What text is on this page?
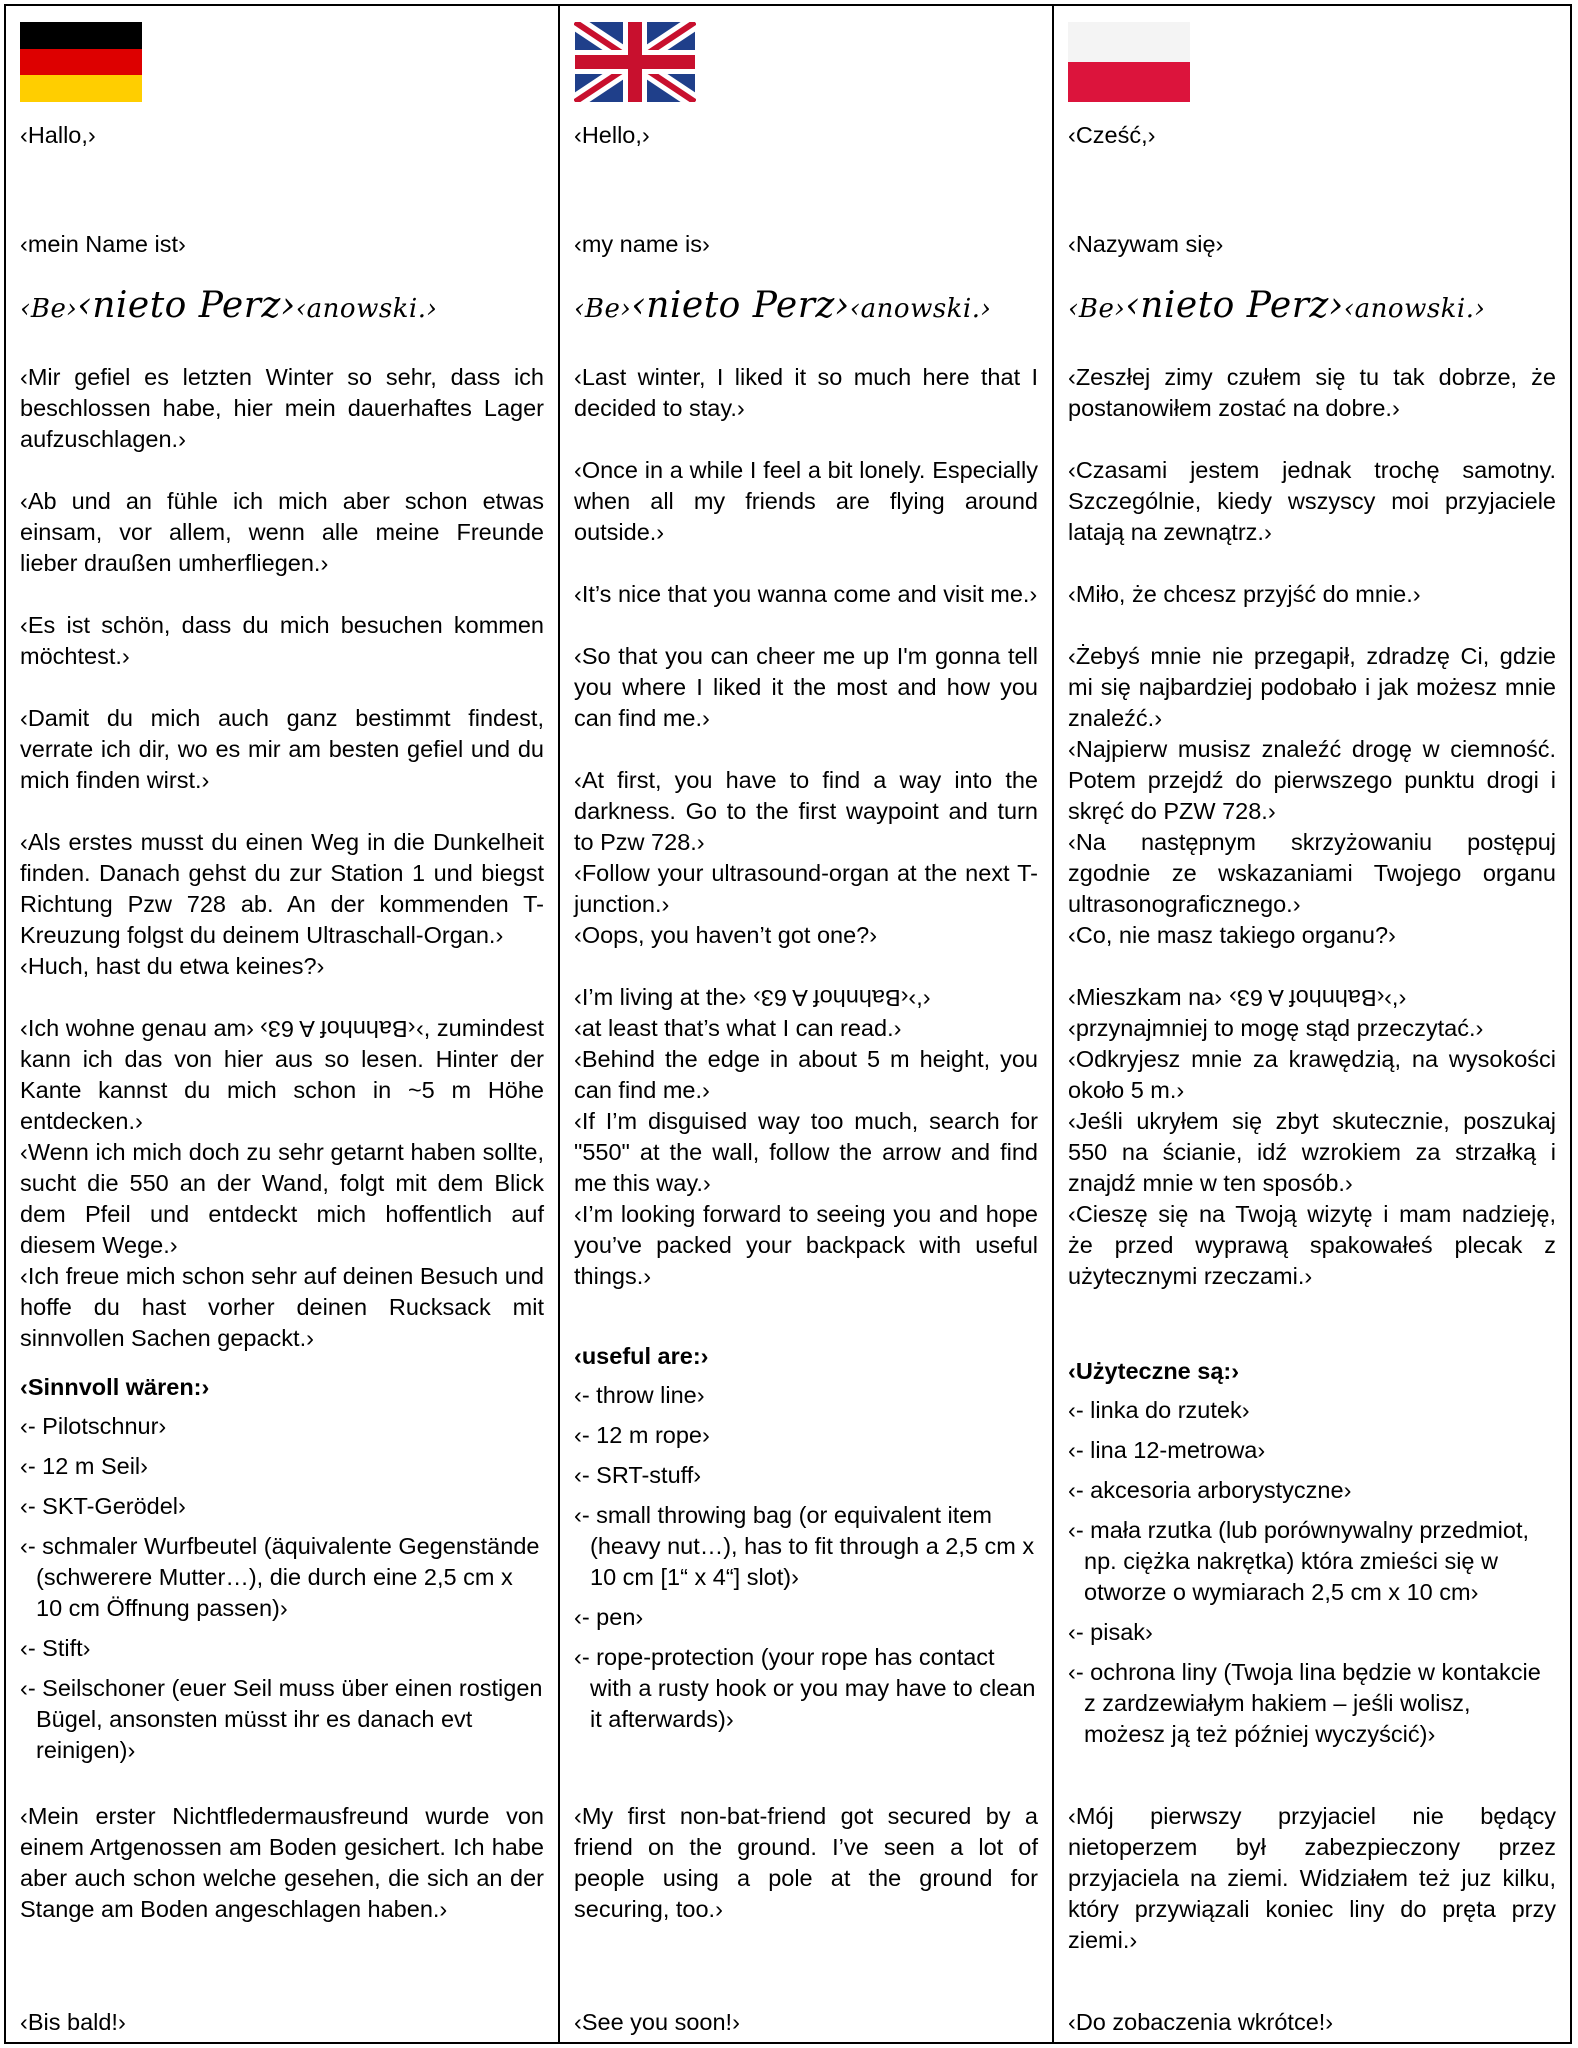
‹Hallo,›

‹mein Name ist›

‹Be›‹nieto Perz›‹anowski.›

‹Mir gefiel es letzten Winter so sehr, dass ich beschlossen habe, hier mein dauerhaftes Lager aufzuschlagen.›

‹Ab und an fühle ich mich aber schon etwas einsam, vor allem, wenn alle meine Freunde lieber draußen umherfliegen.›

‹Es ist schön, dass du mich besuchen kommen möchtest.›

‹Damit du mich auch ganz bestimmt findest, verrate ich dir, wo es mir am besten gefiel und du mich finden wirst.›

‹Als erstes musst du einen Weg in die Dunkelheit finden. Danach gehst du zur Station 1 und biegst Richtung Pzw 728 ab. An der kommenden T-Kreuzung folgst du deinem Ultraschall-Organ.›

‹Huch, hast du etwa keines?›

‹Ich wohne genau am› ‹Bahnhof A 63›‹, zumindest kann ich das von hier aus so lesen. Hinter der Kante kannst du mich schon in ~5 m Höhe entdecken.›

‹Wenn ich mich doch zu sehr getarnt haben sollte, sucht die 550 an der Wand, folgt mit dem Blick dem Pfeil und entdeckt mich hoffentlich auf diesem Wege.›

‹Ich freue mich schon sehr auf deinen Besuch und hoffe du hast vorher deinen Rucksack mit sinnvollen Sachen gepackt.›

‹Sinnvoll wären:›

‹- Pilotschnur›
‹- 12 m Seil›
‹- SKT-Gerödel›
‹- schmaler Wurfbeutel (äquivalente Gegenstände (schwerere Mutter…), die durch eine 2,5 cm x 10 cm Öffnung passen)›
‹- Stift›
‹- Seilschoner (euer Seil muss über einen rostigen Bügel, ansonsten müsst ihr es danach evt reinigen)›

‹Mein erster Nichtfledermausfreund wurde von einem Artgenossen am Boden gesichert. Ich habe aber auch schon welche gesehen, die sich an der Stange am Boden angeschlagen haben.›

‹Bis bald!›

‹Hello,›

‹my name is›

‹Be›‹nieto Perz›‹anowski.›

‹Last winter, I liked it so much here that I decided to stay.›

‹Once in a while I feel a bit lonely. Especially when all my friends are flying around outside.›

‹It’s nice that you wanna come and visit me.›

‹So that you can cheer me up I'm gonna tell you where I liked it the most and how you can find me.›

‹At first, you have to find a way into the darkness. Go to the first waypoint and turn to Pzw 728.›

‹Follow your ultrasound-organ at the next T-junction.›

‹Oops, you haven’t got one?›

‹I’m living at the› ‹Bahnhof A 63›‹,›

‹at least that’s what I can read.›

‹Behind the edge in about 5 m height, you can find me.›

‹If I’m disguised way too much, search for "550" at the wall, follow the arrow and find me this way.›

‹I’m looking forward to seeing you and hope you’ve packed your backpack with useful things.›

‹useful are:›

‹- throw line›
‹- 12 m rope›
‹- SRT-stuff›
‹- small throwing bag (or equivalent item (heavy nut…), has to fit through a 2,5 cm x 10 cm [1“ x 4“] slot)›
‹- pen›
‹- rope-protection (your rope has contact with a rusty hook or you may have to clean it afterwards)›

‹My first non-bat-friend got secured by a friend on the ground. I’ve seen a lot of people using a pole at the ground for securing, too.›

‹See you soon!›

‹Cześć,›

‹Nazywam się›

‹Be›‹nieto Perz›‹anowski.›

‹Zeszłej zimy czułem się tu tak dobrze, że postanowiłem zostać na dobre.›

‹Czasami jestem jednak trochę samotny. Szczególnie, kiedy wszyscy moi przyjaciele latają na zewnątrz.›

‹Miło, że chcesz przyjść do mnie.›

‹Żebyś mnie nie przegapił, zdradzę Ci, gdzie mi się najbardziej podobało i jak możesz mnie znaleźć.›

‹Najpierw musisz znaleźć drogę w ciemność. Potem przejdź do pierwszego punktu drogi i skręć do PZW 728.›

‹Na następnym skrzyżowaniu postępuj zgodnie ze wskazaniami Twojego organu ultrasonograficznego.›

‹Co, nie masz takiego organu?›

‹Mieszkam na› ‹Bahnhof A 63›‹,›

‹przynajmniej to mogę stąd przeczytać.›

‹Odkryjesz mnie za krawędzią, na wysokości około 5 m.›

‹Jeśli ukryłem się zbyt skutecznie, poszukaj 550 na ścianie, idź wzrokiem za strzałką i znajdź mnie w ten sposób.›

‹Cieszę się na Twoją wizytę i mam nadzieję, że przed wyprawą spakowałeś plecak z użytecznymi rzeczami.›

‹Użyteczne są:›

‹- linka do rzutek›
‹- lina 12-metrowa›
‹- akcesoria arborystyczne›
‹- mała rzutka (lub porównywalny przedmiot, np. ciężka nakrętka) która zmieści się w otworze o wymiarach 2,5 cm x 10 cm›
‹- pisak›
‹- ochrona liny (Twoja lina będzie w kontakcie z zardzewiałym hakiem – jeśli wolisz, możesz ją też później wyczyścić)›

‹Mój pierwszy przyjaciel nie będący nietoperzem był zabezpieczony przez przyjaciela na ziemi. Widziałem też juz kilku, który przywiązali koniec liny do pręta przy ziemi.›

‹Do zobaczenia wkrótce!›
